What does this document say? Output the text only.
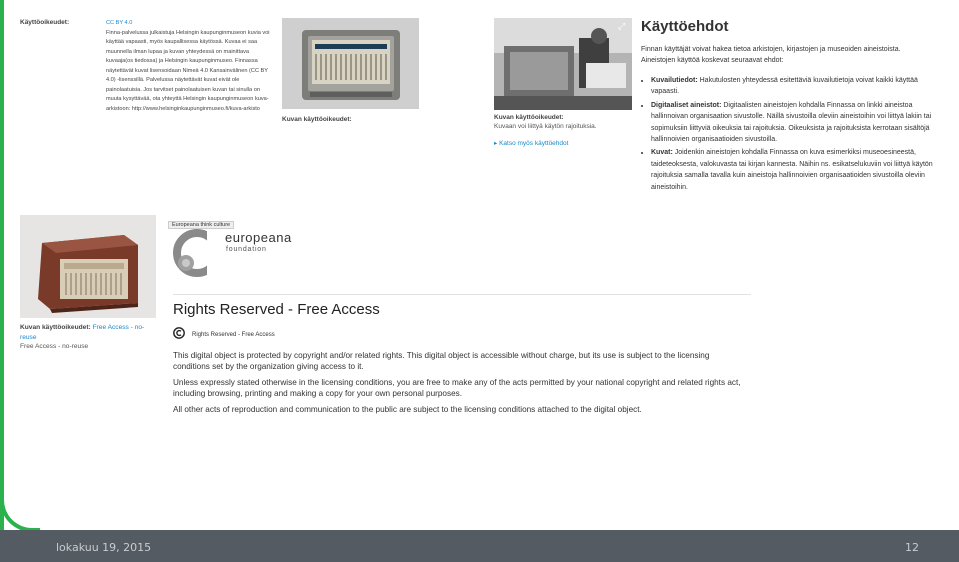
Käyttöoikeudet:	CC BY 4.0
Finna-palvelussa julkaistuja Helsingin kaupunginmuseon kuvia voi käyttää vapaasti, myös kaupallisessa käytössä. Kuvaa ei saa muunnella ilman lupaa ja kuvan yhteydessä on mainittava kuvaaja(os tiedossa) ja Helsingin kaupunginmuseo. Finnassa näytettävät kuvat lisensoidaan Nimeä 4.0 Kansainvälinen (CC BY 4.0) -lisenssillä. Palvelussa näytettävät kuvat eivät ole painolaatuisia. Jos tarvitset painolaatuisen kuvan tai sinulla on muuta kysyttävää, ota yhteyttä Helsingin kaupunginmuseon kuva-arkistoon: http://www.helsinginkaupunginmuseo.fi/kuva-arkisto
Kuvan käyttöoikeudet:
⤢
Kuvan käyttöoikeudet:
Kuvaan voi liittyä käytön rajoituksia.
▸ Katso myös käyttöehdot
Käyttöehdot
Finnan käyttäjät voivat hakea tietoa arkistojen, kirjastojen ja museoiden aineistoista. Aineistojen käyttöä koskevat seuraavat ehdot:
• Kuvailutiedot: Hakutulosten yhteydessä esitettäviä kuvailutietoja voivat kaikki käyttää vapaasti.
• Digitaaliset aineistot: Digitaalisten aineistojen kohdalla Finnassa on linkki aineistoa hallinnoivan organisaation sivustolle. Näillä sivustoilla oleviin aineistoihin voi liittyä lakiin tai sopimuksiin liittyviä oikeuksia tai rajoituksia. Oikeuksista ja rajoituksista kerrotaan sisältöjä hallinnoivien organisaatioiden sivustoilla.
• Kuvat: Joidenkin aineistojen kohdalla Finnassa on kuva esimerkiksi museoesineestä, taideteoksesta, valokuvasta tai kirjan kannesta. Näihin ns. esikatselukuviin voi liittyä käytön rajoituksia samalla tavalla kuin aineistoja hallinnoivien organisaatioiden sivustoilla oleviin aineistoihin.
Kuvan käyttöoikeudet: Free Access - no-reuse
Free Access - no-reuse
Europeana think culture
europeana
foundation
Rights Reserved - Free Access
Rights Reserved - Free Access

This digital object is protected by copyright and/or related rights. This digital object is accessible without charge, but its use is subject to the licensing conditions set by the organization giving access to it.

Unless expressly stated otherwise in the licensing conditions, you are free to make any of the acts permitted by your national copyright and related rights act, including browsing, printing and making a copy for your own personal purposes.

All other acts of reproduction and communication to the public are subject to the licensing conditions attached to the digital object.

lokakuu 19, 2015	12
